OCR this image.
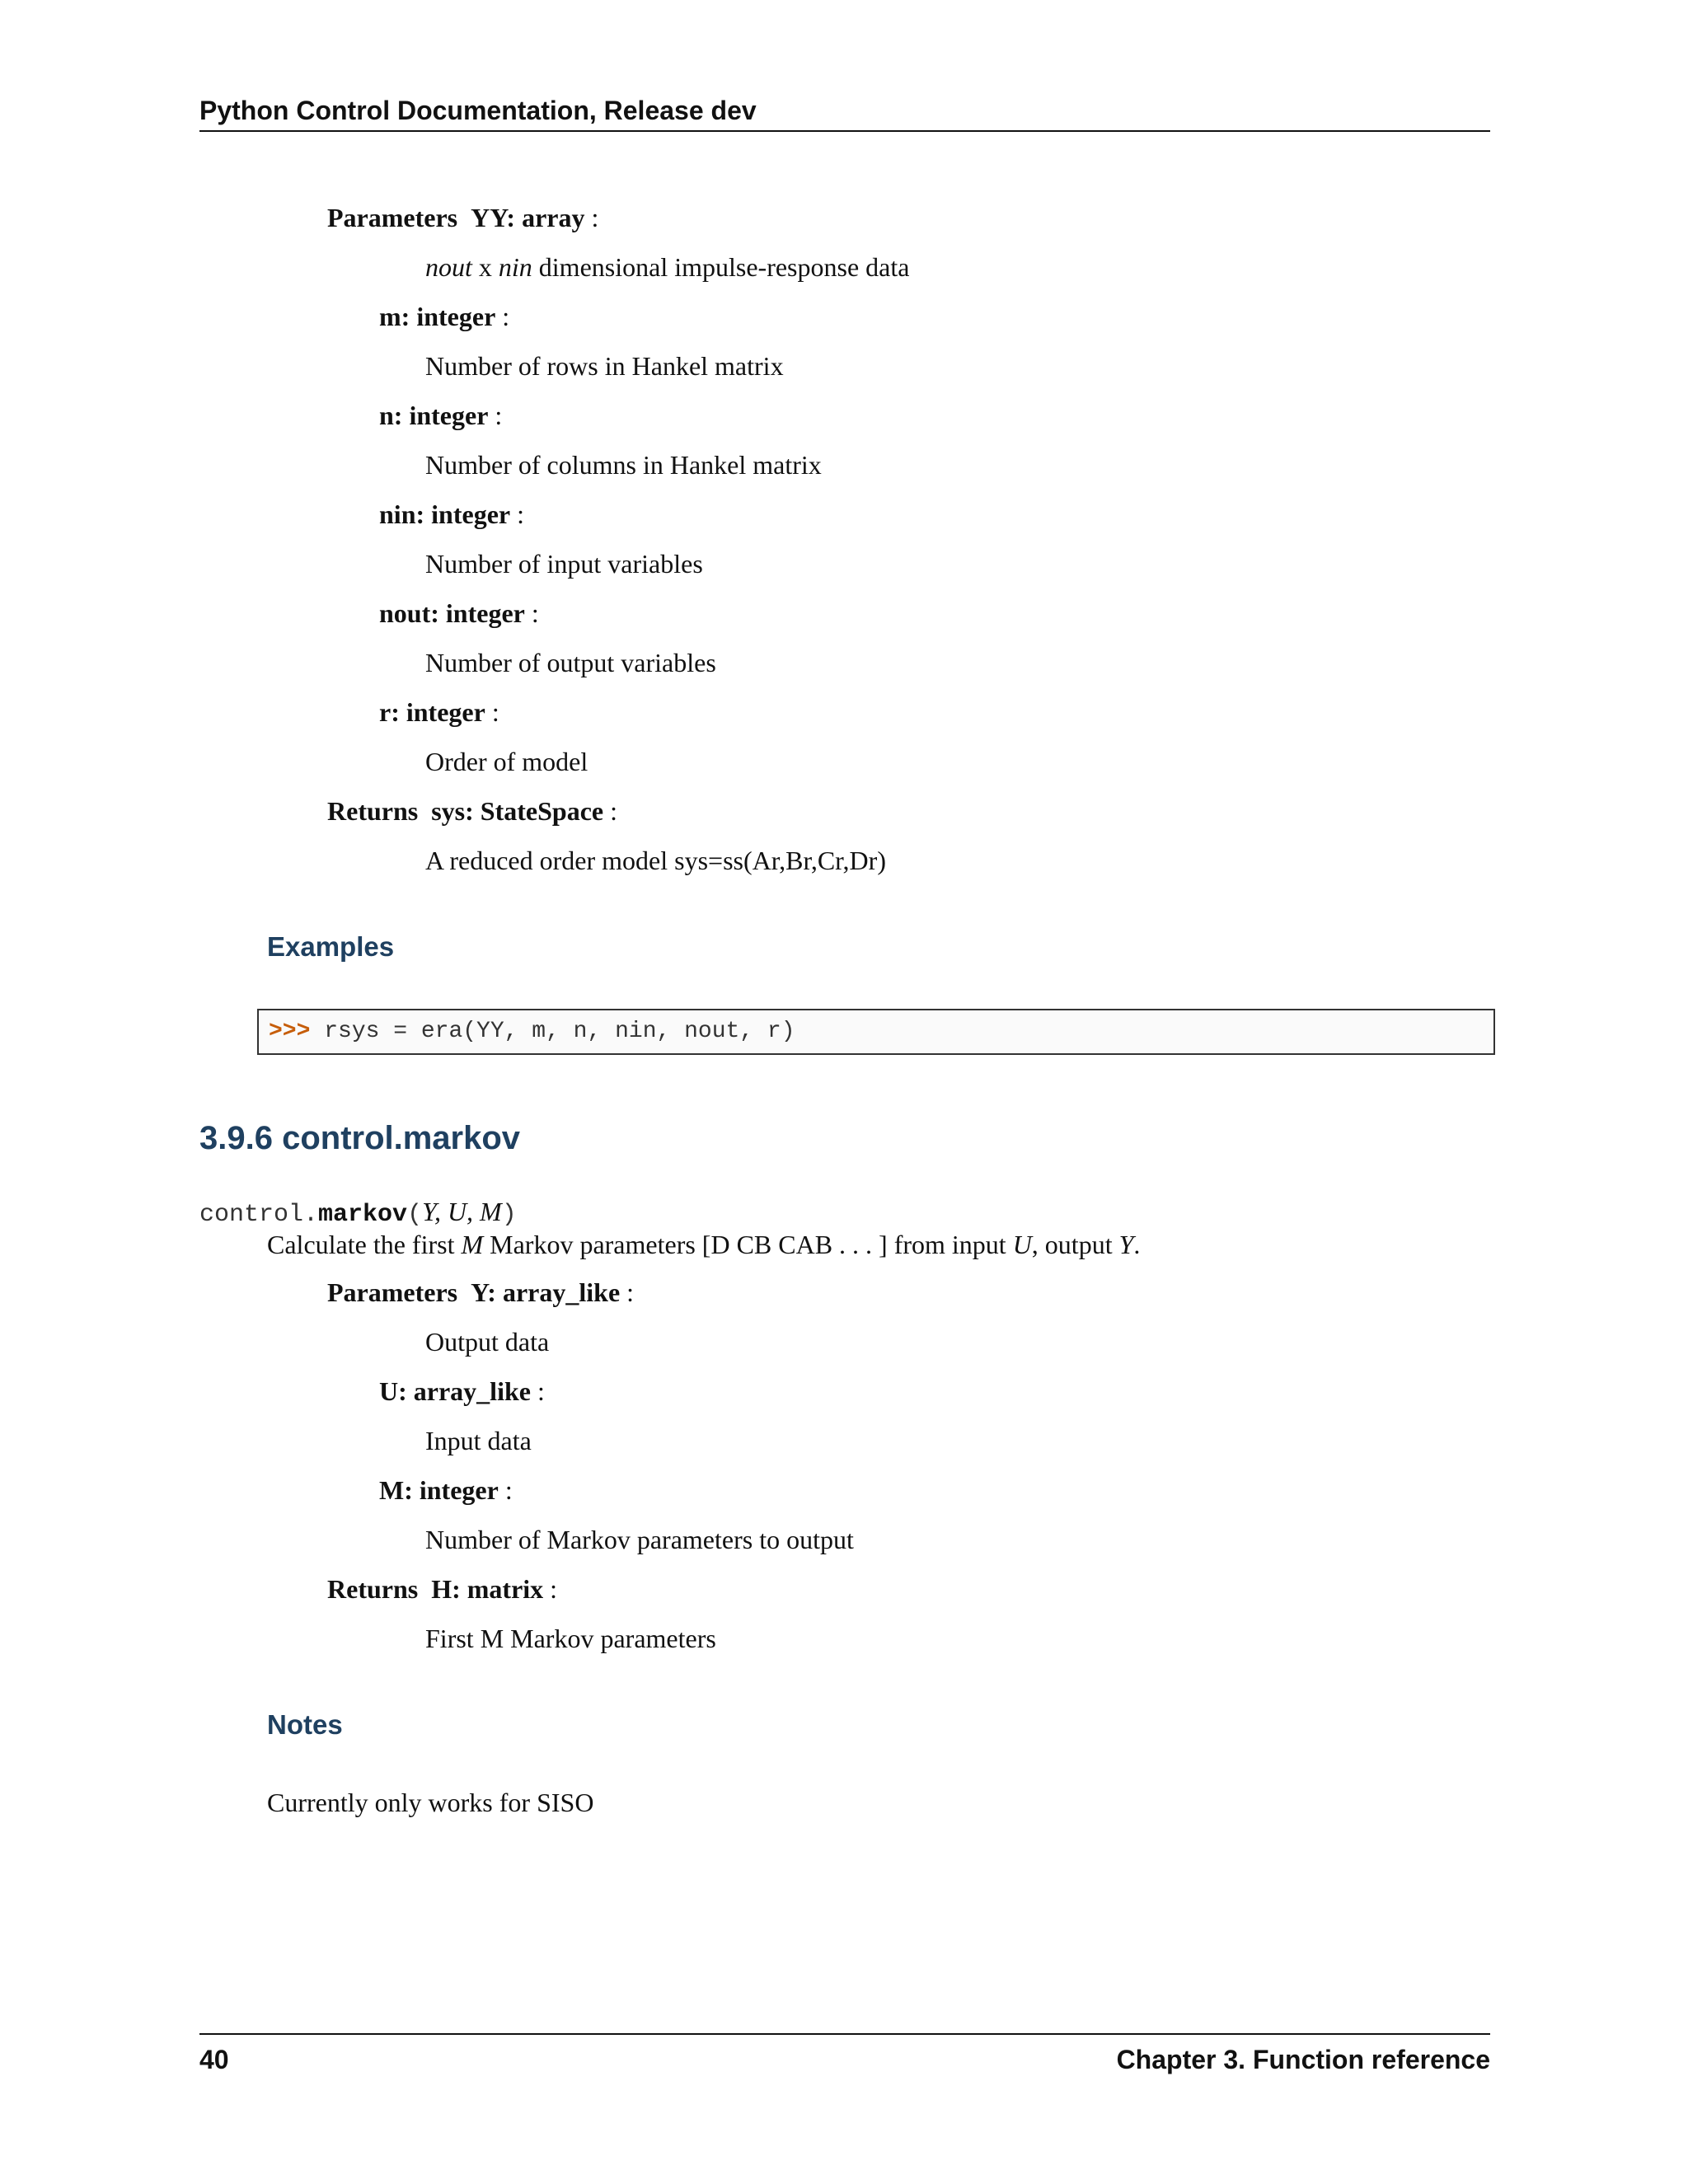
Python Control Documentation, Release dev
Parameters YY: array :
nout x nin dimensional impulse-response data
m: integer :
Number of rows in Hankel matrix
n: integer :
Number of columns in Hankel matrix
nin: integer :
Number of input variables
nout: integer :
Number of output variables
r: integer :
Order of model
Returns sys: StateSpace :
A reduced order model sys=ss(Ar,Br,Cr,Dr)
Examples
>>> rsys = era(YY, m, n, nin, nout, r)
3.9.6 control.markov
control.markov(Y, U, M)
Calculate the first M Markov parameters [D CB CAB . . . ] from input U, output Y.
Parameters Y: array_like :
Output data
U: array_like :
Input data
M: integer :
Number of Markov parameters to output
Returns H: matrix :
First M Markov parameters
Notes
Currently only works for SISO
40	Chapter 3. Function reference
